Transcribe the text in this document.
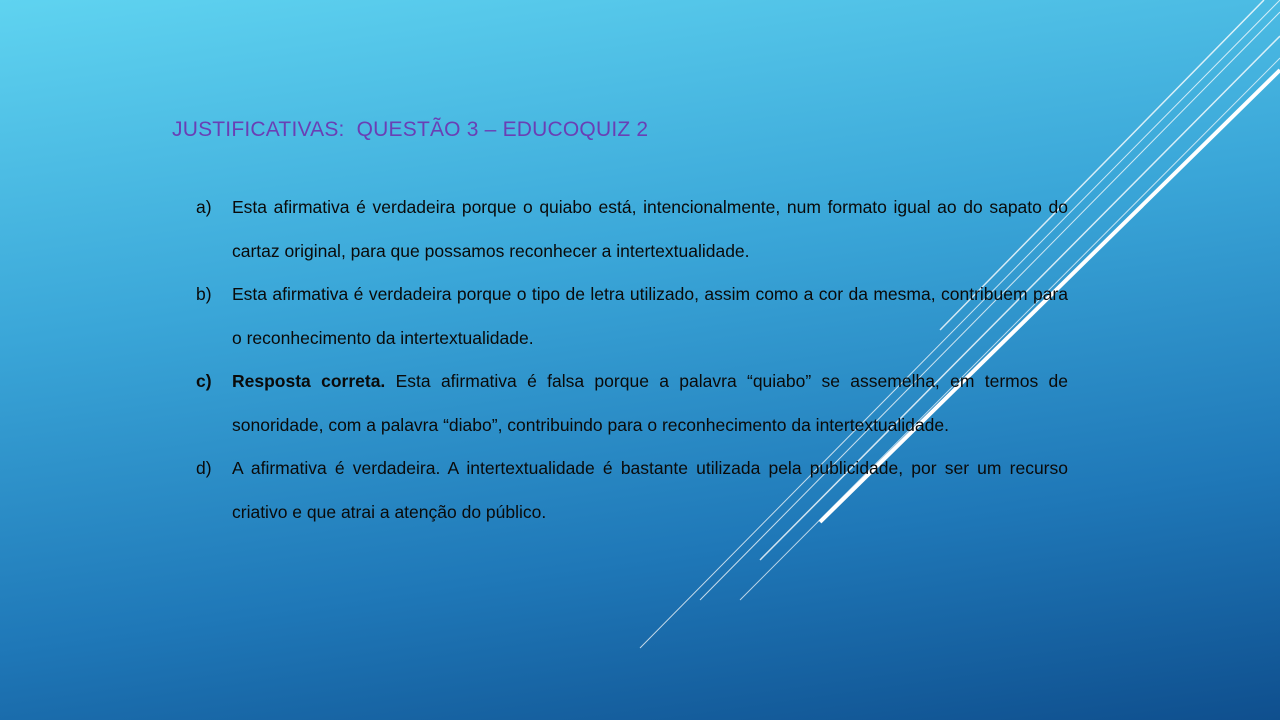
JUSTIFICATIVAS:  QUESTÃO 3 – EDUCOQUIZ 2
a)	Esta afirmativa é verdadeira porque o quiabo está, intencionalmente, num formato igual ao do sapato do cartaz original, para que possamos reconhecer a intertextualidade.
b)	Esta afirmativa é verdadeira porque o tipo de letra utilizado, assim como a cor da mesma, contribuem para o reconhecimento da intertextualidade.
c)	Resposta correta. Esta afirmativa é falsa porque a palavra “quiabo” se assemelha, em termos de sonoridade, com a palavra “diabo”, contribuindo para o reconhecimento da intertextualidade.
d)	A afirmativa é verdadeira. A intertextualidade é bastante utilizada pela publicidade, por ser um recurso criativo e que atrai a atenção do público.
